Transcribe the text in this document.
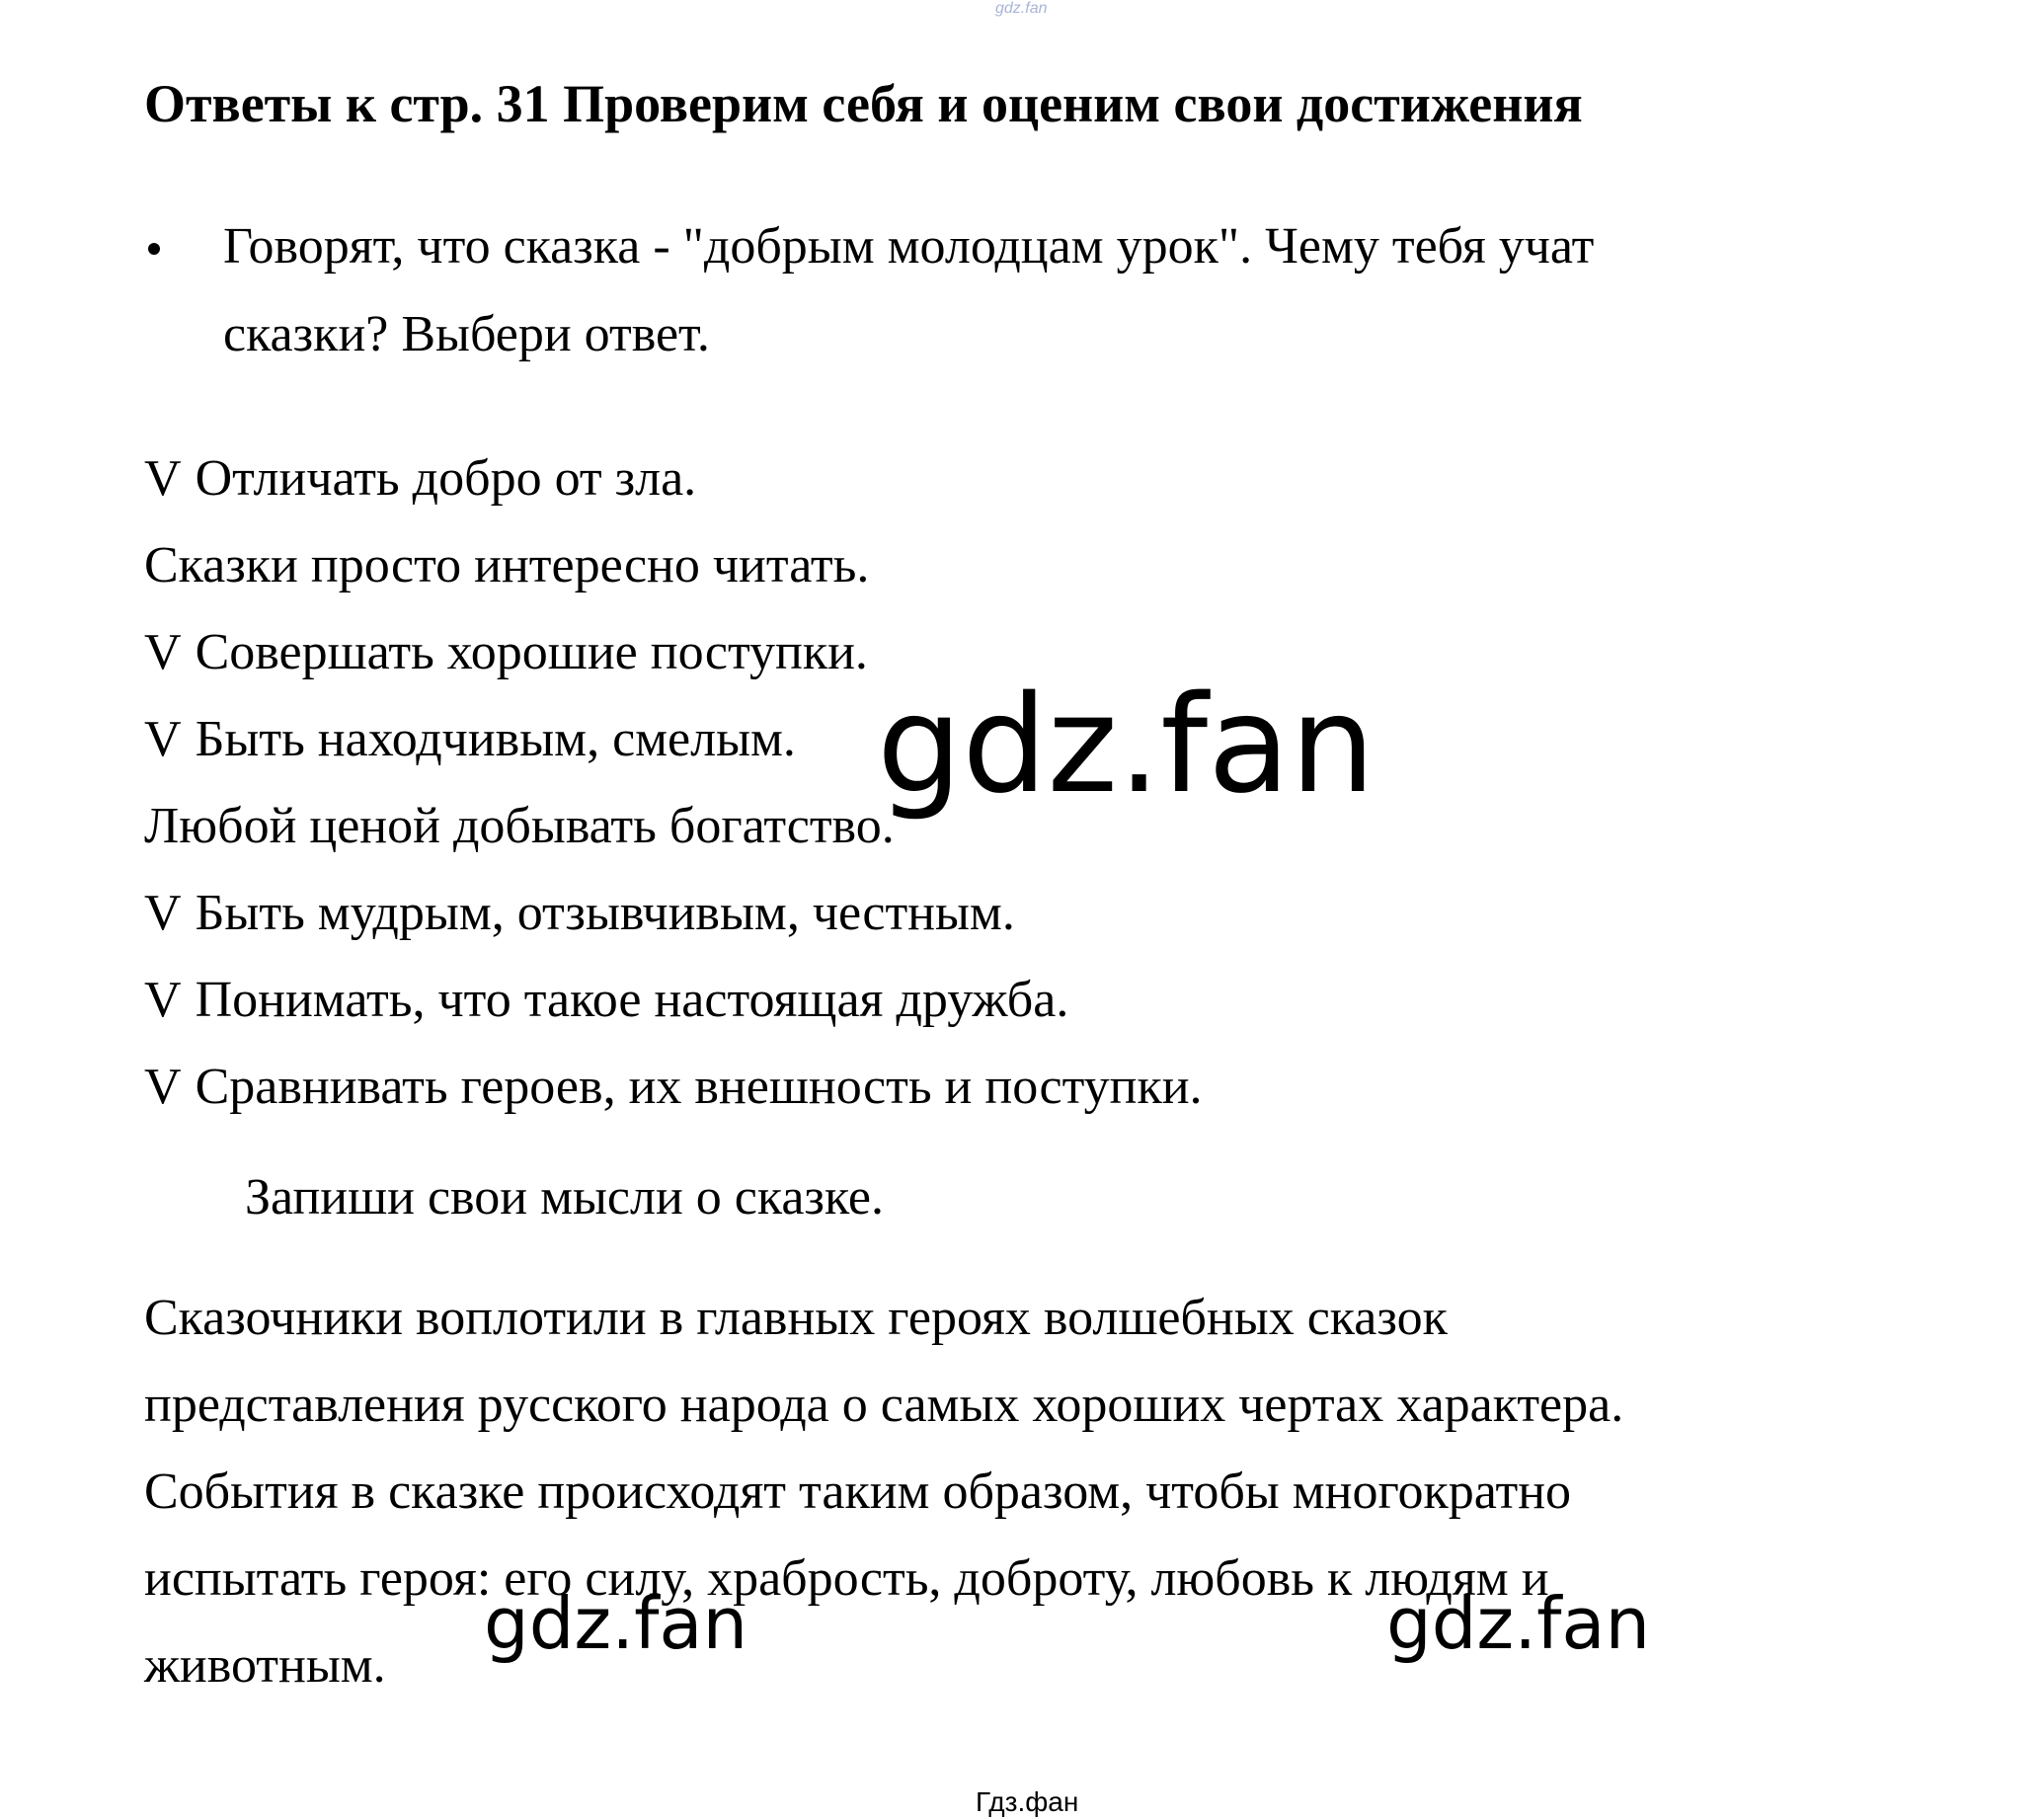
gdz.fan
Ответы к стр. 31 Проверим себя и оценим свои достижения
Говорят, что сказка - "добрым молодцам урок". Чему тебя учат
сказки? Выбери ответ.
V Отличать добро от зла.
Сказки просто интересно читать.
V Совершать хорошие поступки.
V Быть находчивым, смелым.
Любой ценой добывать богатство.
V Быть мудрым, отзывчивым, честным.
V Понимать, что такое настоящая дружба.
V Сравнивать героев, их внешность и поступки.
Запиши свои мысли о сказке.
Сказочники воплотили в главных героях волшебных сказок
представления русского народа о самых хороших чертах характера.
События в сказке происходят таким образом, чтобы многократно
испытать героя: его силу, храбрость, доброту, любовь к людям и
животным.
gdz.fan
gdz.fan	gdz.fan
Гдз.фан
